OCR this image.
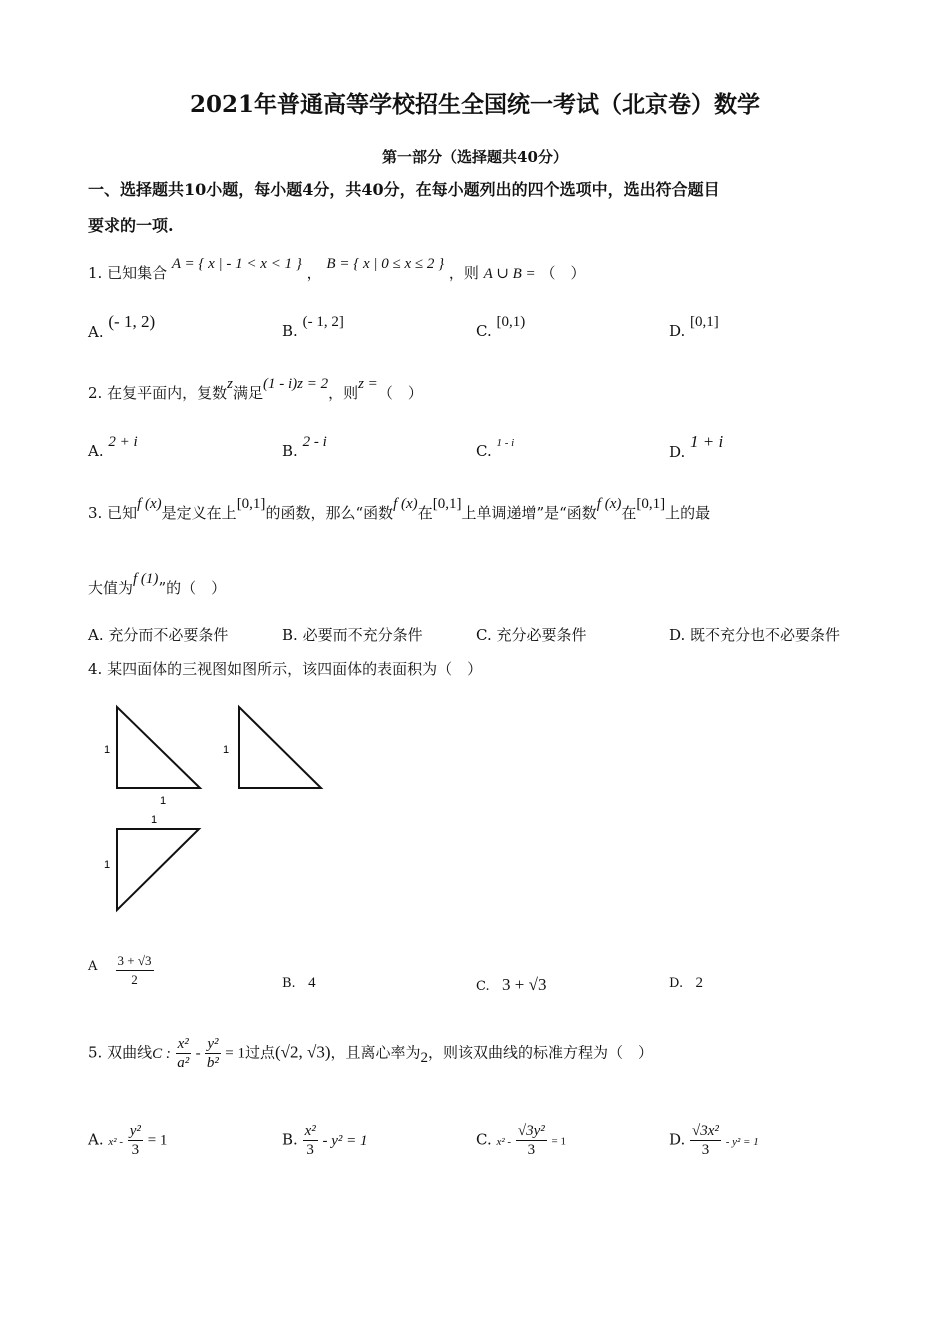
2021年普通高等学校招生全国统一考试（北京卷）数学
第一部分（选择题共40分）
一、选择题共10小题，每小题4分，共40分，在每小题列出的四个选项中，选出符合题目
要求的一项.
1. 已知集合 A = { x | - 1 < x < 1 } ， B = { x | 0 ≤ x ≤ 2 } ，则 A ∪ B = （　）
A. (- 1, 2)	B. (- 1, 2]	C. [0,1)	D. [0,1]
2. 在复平面内，复数z满足(1 - i)z = 2，则z =（　）
A. 2 + i	B. 2 - i	C. $^{1 - i}$	D. 1 + i
3. 已知f (x)是定义在上[0,1]的函数，那么“函数f (x)在[0,1]上单调递增”是“函数f (x)在[0,1]上的最
大值为f (1)”的（　）
A. 充分而不必要条件	B. 必要而不充分条件	C. 充分必要条件	D. 既不充分也不必要条件
4. 某四面体的三视图如图所示，该四面体的表面积为（　）
1
1
1
1
1
A $\frac{3 + √3}{2}$	B. 4	C. 3 + √3	D. 2
5. 双曲线C : $\frac{\text{x²}}{\text{a²}} - \frac{\text{y²}}{\text{b²}} = 1$过点(√2, √3)，且离心率为2，则该双曲线的标准方程为（　）
A. $x^2 - \frac{\text{y²}}{3} = 1$	B. $\frac{\text{x²}}{3} - y^2 = 1$	C. $x^2 - \frac{\text{√3y²}}{3} = 1$	D. $\frac{\text{√3x²}}{3} - y^2 = 1$
